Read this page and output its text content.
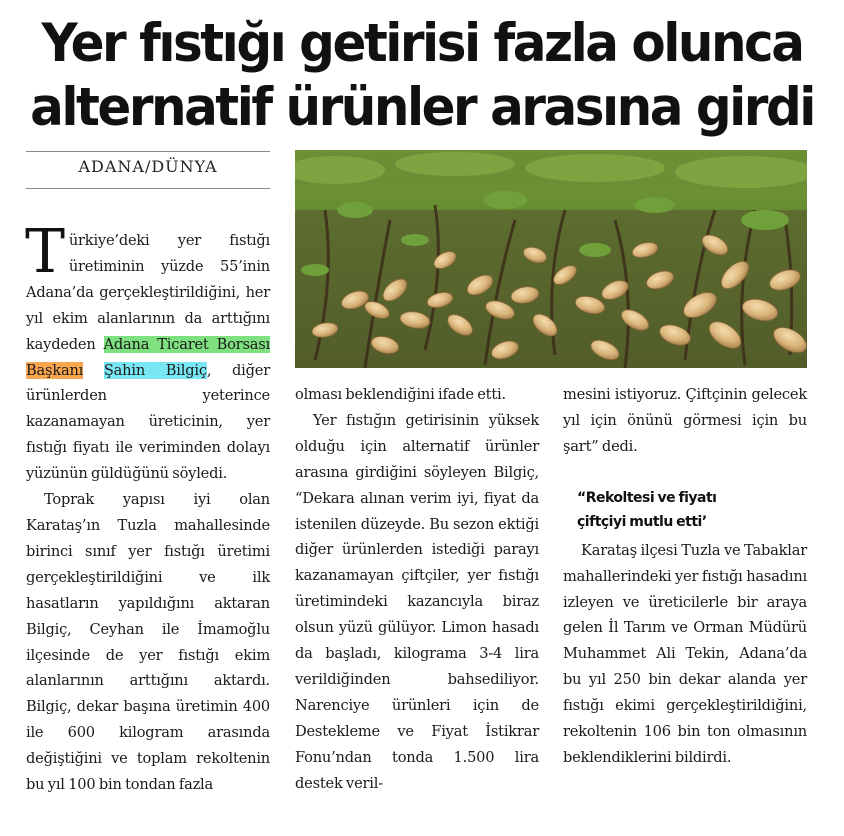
Yer fıstığı getirisi fazla olunca
alternatif ürünler arasına girdi
ADANA/DÜNYA

Türkiye’deki yer fıstığı üretiminin yüzde 55’inin Adana’da gerçekleştirildiğini, her yıl ekim alanlarının da arttığını kaydeden Adana Ticaret Borsası Başkanı Şahin Bilgiç, diğer ürünlerden yeterince kazanamayan üreticinin, yer fıstığı fiyatı ile veriminden dolayı yüzünün güldüğünü söyledi.

Toprak yapısı iyi olan Karataş’ın Tuzla mahallesinde birinci sınıf yer fıstığı üretimi gerçekleştirildiğini ve ilk hasatların yapıldığını aktaran Bilgiç, Ceyhan ile İmamoğlu ilçesinde de yer fıstığı ekim alanlarının arttığını aktardı. Bilgiç, dekar başına üretimin 400 ile 600 kilogram arasında değiştiğini ve toplam rekoltenin bu yıl 100 bin tondan fazla

olması beklendiğini ifade etti.

Yer fıstığın getirisinin yüksek olduğu için alternatif ürünler arasına girdiğini söyleyen Bilgiç, “Dekara alınan verim iyi, fiyat da istenilen düzeyde. Bu sezon ektiği diğer ürünlerden istediği parayı kazanamayan çiftçiler, yer fıstığı üretimindeki kazancıyla biraz olsun yüzü gülüyor. Limon hasadı da başladı, kilograma 3-4 lira verildiğinden bahsediliyor. Narenciye ürünleri için de Destekleme ve Fiyat İstikrar Fonu’ndan tonda 1.500 lira destek veril-

mesini istiyoruz. Çiftçinin gelecek yıl için önünü görmesi için bu şart” dedi.

“Rekoltesi ve fiyatı
çiftçiyi mutlu etti’

Karataş ilçesi Tuzla ve Tabaklar mahallerindeki yer fıstığı hasadını izleyen ve üreticilerle bir araya gelen İl Tarım ve Orman Müdürü Muhammet Ali Tekin, Adana’da bu yıl 250 bin dekar alanda yer fıstığı ekimi gerçekleştirildiğini, rekoltenin 106 bin ton olmasının beklendiklerini bildirdi.
